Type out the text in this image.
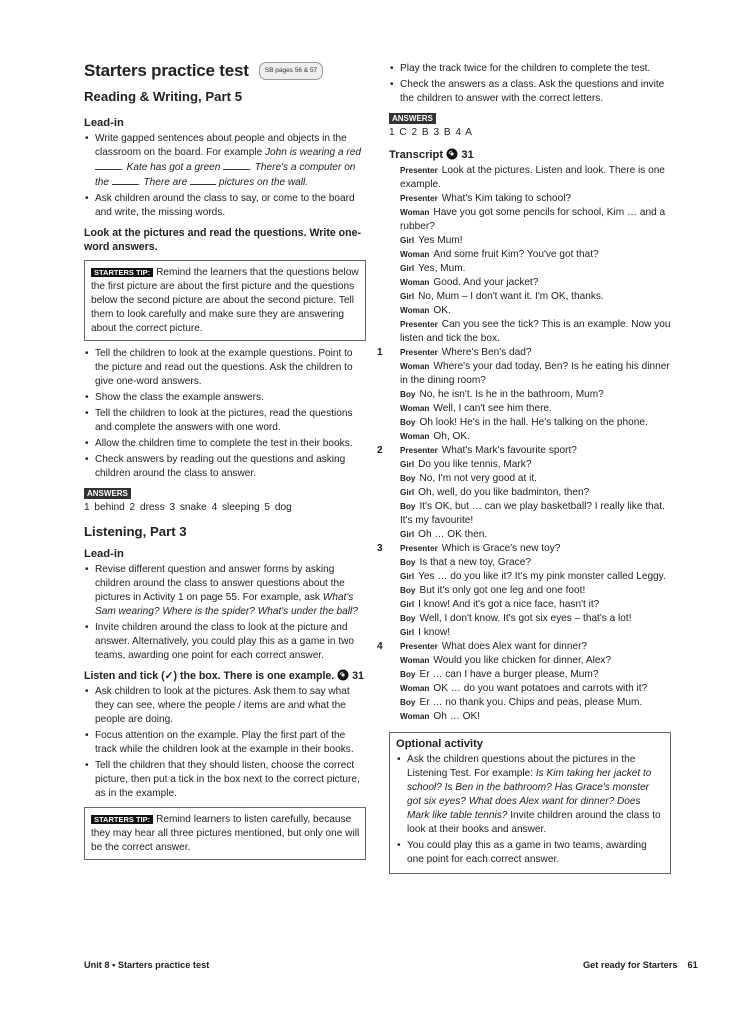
Starters practice test	SB pages 56 & 57
Reading & Writing, Part 5
Lead-in
• Write gapped sentences about people and objects in the classroom on the board. For example John is wearing a red . Kate has got a green	. There's a computer on the	. There are	pictures on the wall.
• Ask children around the class to say, or come to the board and write, the missing words.
Look at the pictures and read the questions. Write one-word answers.
STARTERS TIP: Remind the learners that the questions below the first picture are about the first picture and the questions below the second picture are about the second picture. Tell them to look carefully and make sure they are answering about the correct picture.
• Tell the children to look at the example questions. Point to the picture and read out the questions. Ask the children to give one-word answers.
• Show the class the example answers.
• Tell the children to look at the pictures, read the questions and complete the answers with one word.
• Allow the children time to complete the test in their books.
• Check answers by reading out the questions and asking children around the class to answer.
ANSWERS
1 behind 2 dress 3 snake 4 sleeping 5 dog
Listening, Part 3
Lead-in
• Revise different question and answer forms by asking children around the class to answer questions about the pictures in Activity 1 on page 55. For example, ask What's Sam wearing? Where is the spider? What's under the ball?
• Invite children around the class to look at the picture and answer. Alternatively, you could play this as a game in two teams, awarding one point for each correct answer.
Listen and tick (✓) the box. There is one example. 31
• Ask children to look at the pictures. Ask them to say what they can see, where the people / items are and what the people are doing.
• Focus attention on the example. Play the first part of the track while the children look at the example in their books.
• Tell the children that they should listen, choose the correct picture, then put a tick in the box next to the correct picture, as in the example.
STARTERS TIP: Remind learners to listen carefully, because they may hear all three pictures mentioned, but only one will be the correct answer.
• Play the track twice for the children to complete the test.
• Check the answers as a class. Ask the questions and invite the children to answer with the correct letters.
ANSWERS
1 C 2 B 3 B 4 A
Transcript 31
Presenter Look at the pictures. Listen and look. There is one example.
Presenter What's Kim taking to school?
Woman Have you got some pencils for school, Kim … and a rubber?
Girl Yes Mum!
Woman And some fruit Kim? You've got that?
Girl Yes, Mum.
Woman Good. And your jacket?
Girl No, Mum – I don't want it. I'm OK, thanks.
Woman OK.
Presenter Can you see the tick? This is an example. Now you listen and tick the box.
1 Presenter Where's Ben's dad?
Woman Where's your dad today, Ben? Is he eating his dinner in the dining room?
Boy No, he isn't. Is he in the bathroom, Mum?
Woman Well, I can't see him there.
Boy Oh look! He's in the hall. He's talking on the phone.
Woman Oh, OK.
2 Presenter What's Mark's favourite sport?
Girl Do you like tennis, Mark?
Boy No, I'm not very good at it.
Girl Oh, well, do you like badminton, then?
Boy It's OK, but … can we play basketball? I really like that. It's my favourite!
Girl Oh … OK then.
3 Presenter Which is Grace's new toy?
Boy Is that a new toy, Grace?
Girl Yes … do you like it? It's my pink monster called Leggy.
Boy But it's only got one leg and one foot!
Girl I know! And it's got a nice face, hasn't it?
Boy Well, I don't know. It's got six eyes – that's a lot!
Girl I know!
4 Presenter What does Alex want for dinner?
Woman Would you like chicken for dinner, Alex?
Boy Er … can I have a burger please, Mum?
Woman OK … do you want potatoes and carrots with it?
Boy Er … no thank you. Chips and peas, please Mum.
Woman Oh … OK!
Optional activity
• Ask the children questions about the pictures in the Listening Test. For example: Is Kim taking her jacket to school? Is Ben in the bathroom? Has Grace's monster got six eyes? What does Alex want for dinner? Does Mark like table tennis? Invite children around the class to look at their books and answer.
• You could play this as a game in two teams, awarding one point for each correct answer.
Unit 8 • Starters practice test	Get ready for Starters 61
